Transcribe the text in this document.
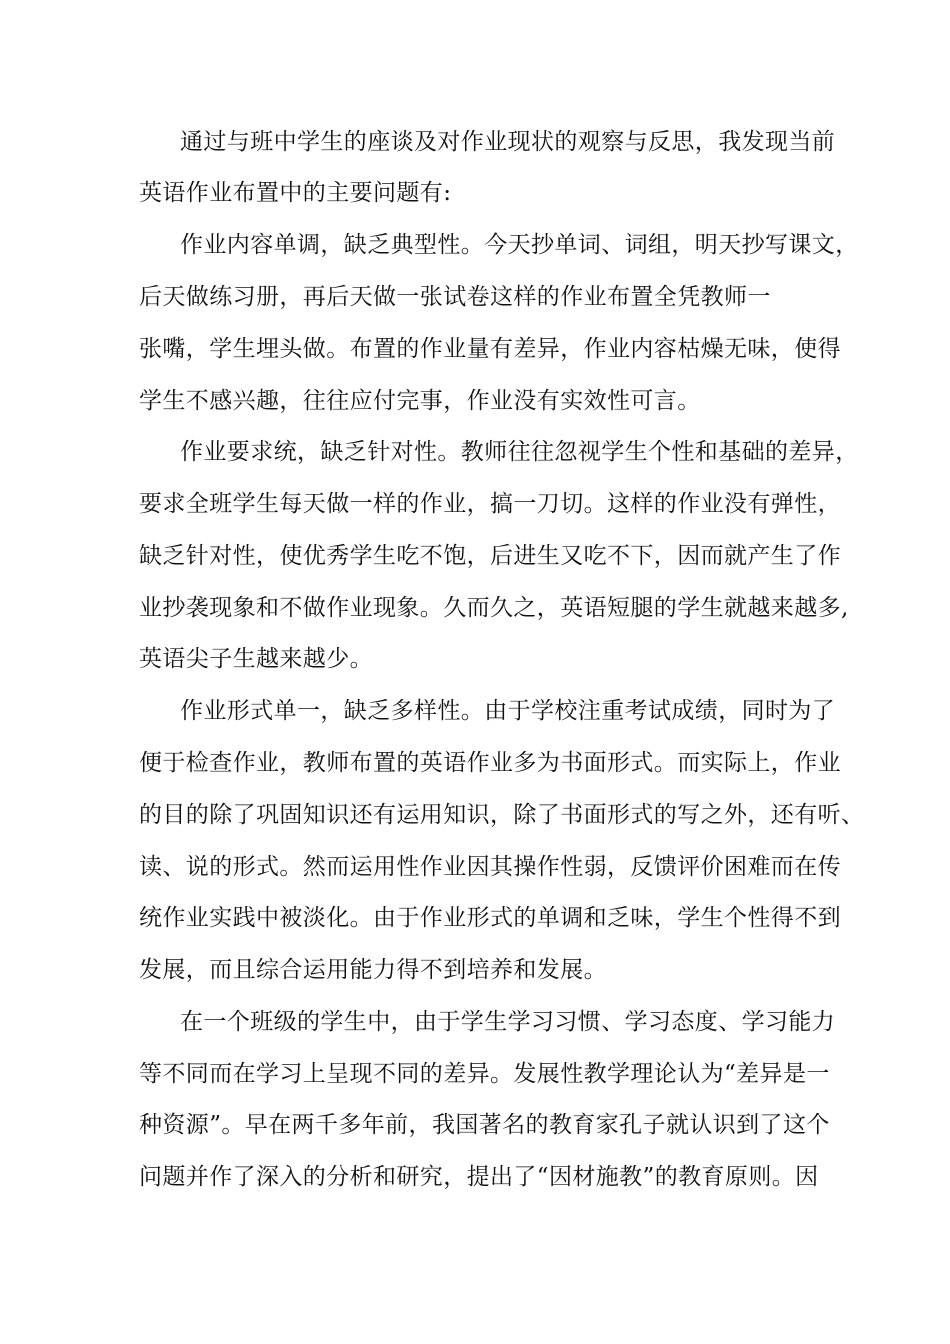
通过与班中学生的座谈及对作业现状的观察与反思，我发现当前

英语作业布置中的主要问题有:

作业内容单调，缺乏典型性。今天抄单词、词组，明天抄写课文，

后天做练习册，再后天做一张试卷这样的作业布置全凭教师一

张嘴，学生埋头做。布置的作业量有差异，作业内容枯燥无味，使得

学生不感兴趣，往往应付完事，作业没有实效性可言。

作业要求统，缺乏针对性。教师往往忽视学生个性和基础的差异，

要求全班学生每天做一样的作业，搞一刀切。这样的作业没有弹性，

缺乏针对性，使优秀学生吃不饱，后进生又吃不下，因而就产生了作

业抄袭现象和不做作业现象。久而久之，英语短腿的学生就越来越多,

英语尖子生越来越少。

作业形式单一，缺乏多样性。由于学校注重考试成绩，同时为了

便于检查作业，教师布置的英语作业多为书面形式。而实际上，作业

的目的除了巩固知识还有运用知识，除了书面形式的写之外，还有听、

读、说的形式。然而运用性作业因其操作性弱，反馈评价困难而在传

统作业实践中被淡化。由于作业形式的单调和乏味，学生个性得不到

发展，而且综合运用能力得不到培养和发展。

在一个班级的学生中，由于学生学习习惯、学习态度、学习能力

等不同而在学习上呈现不同的差异。发展性教学理论认为“差异是一

种资源”。早在两千多年前，我国著名的教育家孔子就认识到了这个

问题并作了深入的分析和研究，提出了“因材施教”的教育原则。因
